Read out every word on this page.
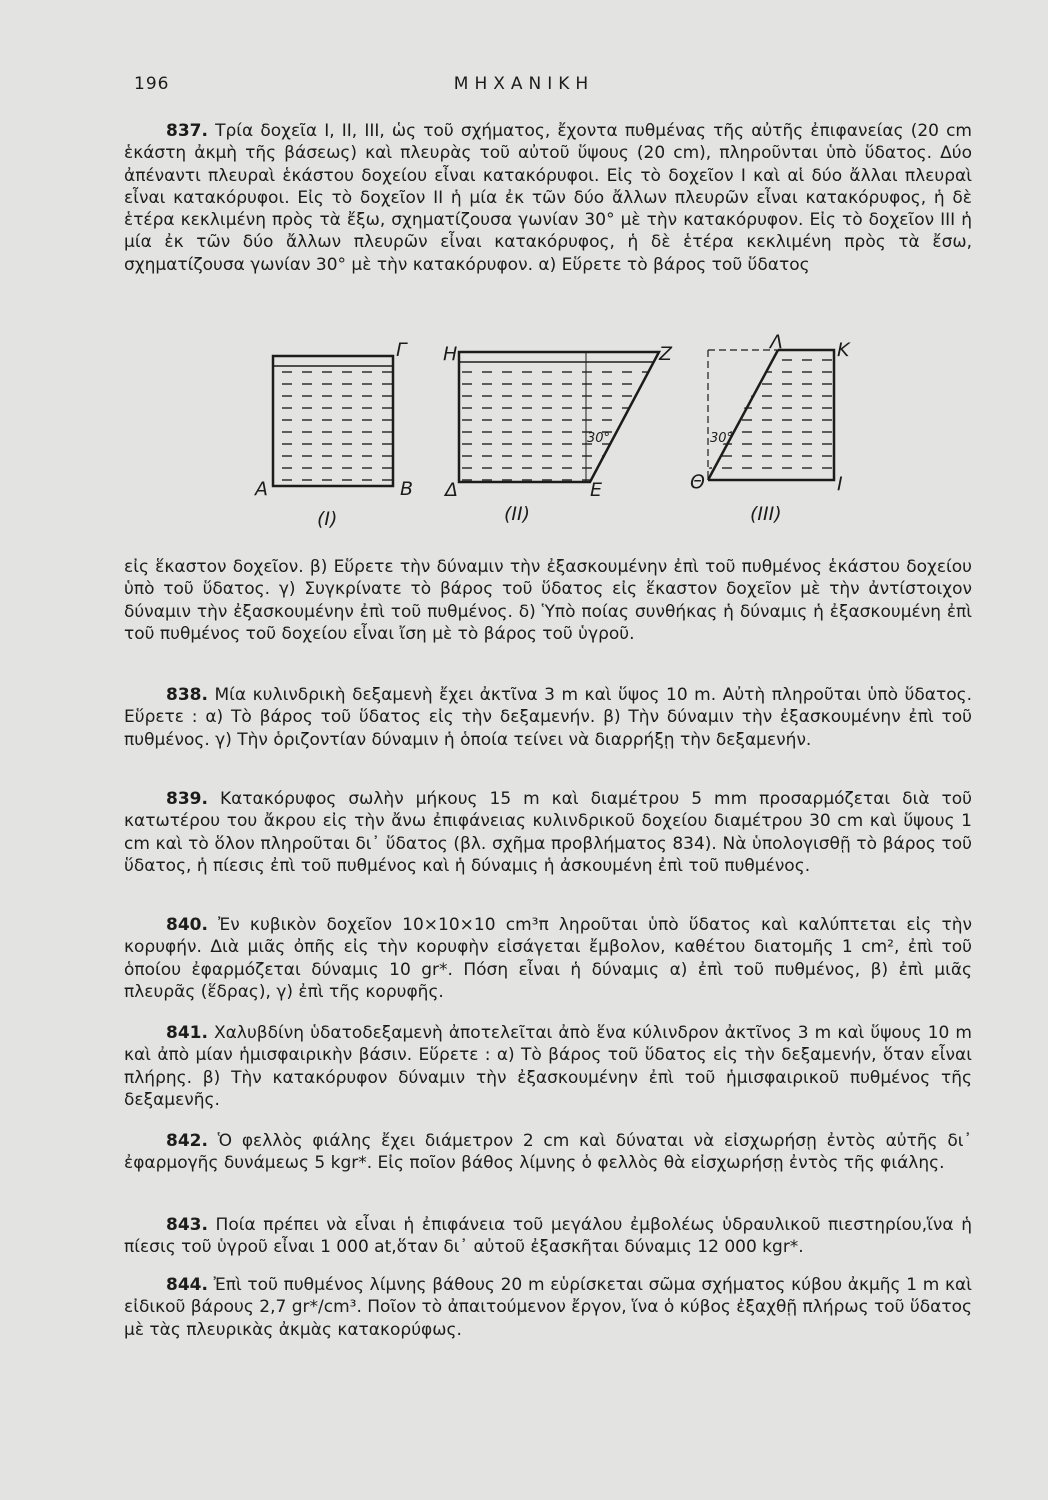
196	ΜΗΧΑΝΙΚΗ

837. Τρία δοχεῖα I, II, III, ὡς τοῦ σχήματος, ἔχοντα πυθμένας τῆς αὐτῆς ἐπιφανείας (20 cm ἑκάστη ἀκμὴ τῆς βάσεως) καὶ πλευρὰς τοῦ αὐτοῦ ὕψους (20 cm), πληροῦνται ὑπὸ ὕδατος. Δύο ἀπέναντι πλευραὶ ἑκάστου δοχείου εἶναι κατακόρυφοι. Εἰς τὸ δοχεῖον I καὶ αἱ δύο ἄλλαι πλευραὶ εἶναι κατακόρυφοι. Εἰς τὸ δοχεῖον II ἡ μία ἐκ τῶν δύο ἄλλων πλευρῶν εἶναι κατακόρυφος, ἡ δὲ ἑτέρα κεκλιμένη πρὸς τὰ ἔξω, σχηματίζουσα γωνίαν 30° μὲ τὴν κατακόρυφον. Εἰς τὸ δοχεῖον III ἡ μία ἐκ τῶν δύο ἄλλων πλευρῶν εἶναι κατακόρυφος, ἡ δὲ ἑτέρα κεκλιμένη πρὸς τὰ ἔσω, σχηματίζουσα γωνίαν 30° μὲ τὴν κατακόρυφον. α) Εὕρετε τὸ βάρος τοῦ ὕδατος

Γ
Α	Β
(I)
30°
Η	Ζ
Δ	Ε
(II)
30°
Λ	Κ
Θ	Ι
(III)

εἰς ἕκαστον δοχεῖον. β) Εὕρετε τὴν δύναμιν τὴν ἐξασκουμένην ἐπὶ τοῦ πυθμένος ἑκάστου δοχείου ὑπὸ τοῦ ὕδατος. γ) Συγκρίνατε τὸ βάρος τοῦ ὕδατος εἰς ἕκαστον δοχεῖον μὲ τὴν ἀντίστοιχον δύναμιν τὴν ἐξασκουμένην ἐπὶ τοῦ πυθμένος. δ) Ὑπὸ ποίας συνθήκας ἡ δύναμις ἡ ἐξασκουμένη ἐπὶ τοῦ πυθμένος τοῦ δοχείου εἶναι ἴση μὲ τὸ βάρος τοῦ ὑγροῦ.

838. Μία κυλινδρικὴ δεξαμενὴ ἔχει ἀκτῖνα 3 m καὶ ὕψος 10 m. Αὐτὴ πληροῦται ὑπὸ ὕδατος. Εὕρετε : α) Τὸ βάρος τοῦ ὕδατος εἰς τὴν δεξαμενήν. β) Τὴν δύναμιν τὴν ἐξασκουμένην ἐπὶ τοῦ πυθμένος. γ) Τὴν ὁριζοντίαν δύναμιν ἡ ὁποία τείνει νὰ διαρρήξῃ τὴν δεξαμενήν.

839. Κατακόρυφος σωλὴν μήκους 15 m καὶ διαμέτρου 5 mm προσαρμόζεται διὰ τοῦ κατωτέρου του ἄκρου εἰς τὴν ἄνω ἐπιφάνειας κυλινδρικοῦ δοχείου διαμέτρου 30 cm καὶ ὕψους 1 cm καὶ τὸ ὅλον πληροῦται δι᾽ ὕδατος (βλ. σχῆμα προβλήματος 834). Νὰ ὑπολογισθῇ τὸ βάρος τοῦ ὕδατος, ἡ πίεσις ἐπὶ τοῦ πυθμένος καὶ ἡ δύναμις ἡ ἀσκουμένη ἐπὶ τοῦ πυθμένος.

840. Ἐν κυβικὸν δοχεῖον 10×10×10 cm³π ληροῦται ὑπὸ ὕδατος καὶ καλύπτεται εἰς τὴν κορυφήν. Διὰ μιᾶς ὀπῆς εἰς τὴν κορυφὴν εἰσάγεται ἔμβολον, καθέτου διατομῆς 1 cm², ἐπὶ τοῦ ὁποίου ἐφαρμόζεται δύναμις 10 gr*. Πόση εἶναι ἡ δύναμις α) ἐπὶ τοῦ πυθμένος, β) ἐπὶ μιᾶς πλευρᾶς (ἕδρας), γ) ἐπὶ τῆς κορυφῆς.

841. Χαλυβδίνη ὑδατοδεξαμενὴ ἀποτελεῖται ἀπὸ ἕνα κύλινδρον ἀκτῖνος 3 m καὶ ὕψους 10 m καὶ ἀπὸ μίαν ἡμισφαιρικὴν βάσιν. Εὕρετε : α) Τὸ βάρος τοῦ ὕδατος εἰς τὴν δεξαμενήν, ὅταν εἶναι πλήρης. β) Τὴν κατακόρυφον δύναμιν τὴν ἐξασκουμένην ἐπὶ τοῦ ἡμισφαιρικοῦ πυθμένος τῆς δεξαμενῆς.

842. Ὁ φελλὸς φιάλης ἔχει διάμετρον 2 cm καὶ δύναται νὰ εἰσχωρήσῃ ἐντὸς αὐτῆς δι᾽ ἐφαρμογῆς δυνάμεως 5 kgr*. Εἰς ποῖον βάθος λίμνης ὁ φελλὸς θὰ εἰσχωρήσῃ ἐντὸς τῆς φιάλης.

843. Ποία πρέπει νὰ εἶναι ἡ ἐπιφάνεια τοῦ μεγάλου ἐμβολέως ὑδραυλικοῦ πιεστηρίου,ἵνα ἡ πίεσις τοῦ ὑγροῦ εἶναι 1 000 at,ὅταν δι᾽ αὐτοῦ ἐξασκῆται δύναμις 12 000 kgr*.

844. Ἐπὶ τοῦ πυθμένος λίμνης βάθους 20 m εὑρίσκεται σῶμα σχήματος κύβου ἀκμῆς 1 m καὶ εἰδικοῦ βάρους 2,7 gr*/cm³. Ποῖον τὸ ἀπαιτούμενον ἔργον, ἵνα ὁ κύβος ἐξαχθῇ πλήρως τοῦ ὕδατος μὲ τὰς πλευρικὰς ἀκμὰς κατακορύφως.
